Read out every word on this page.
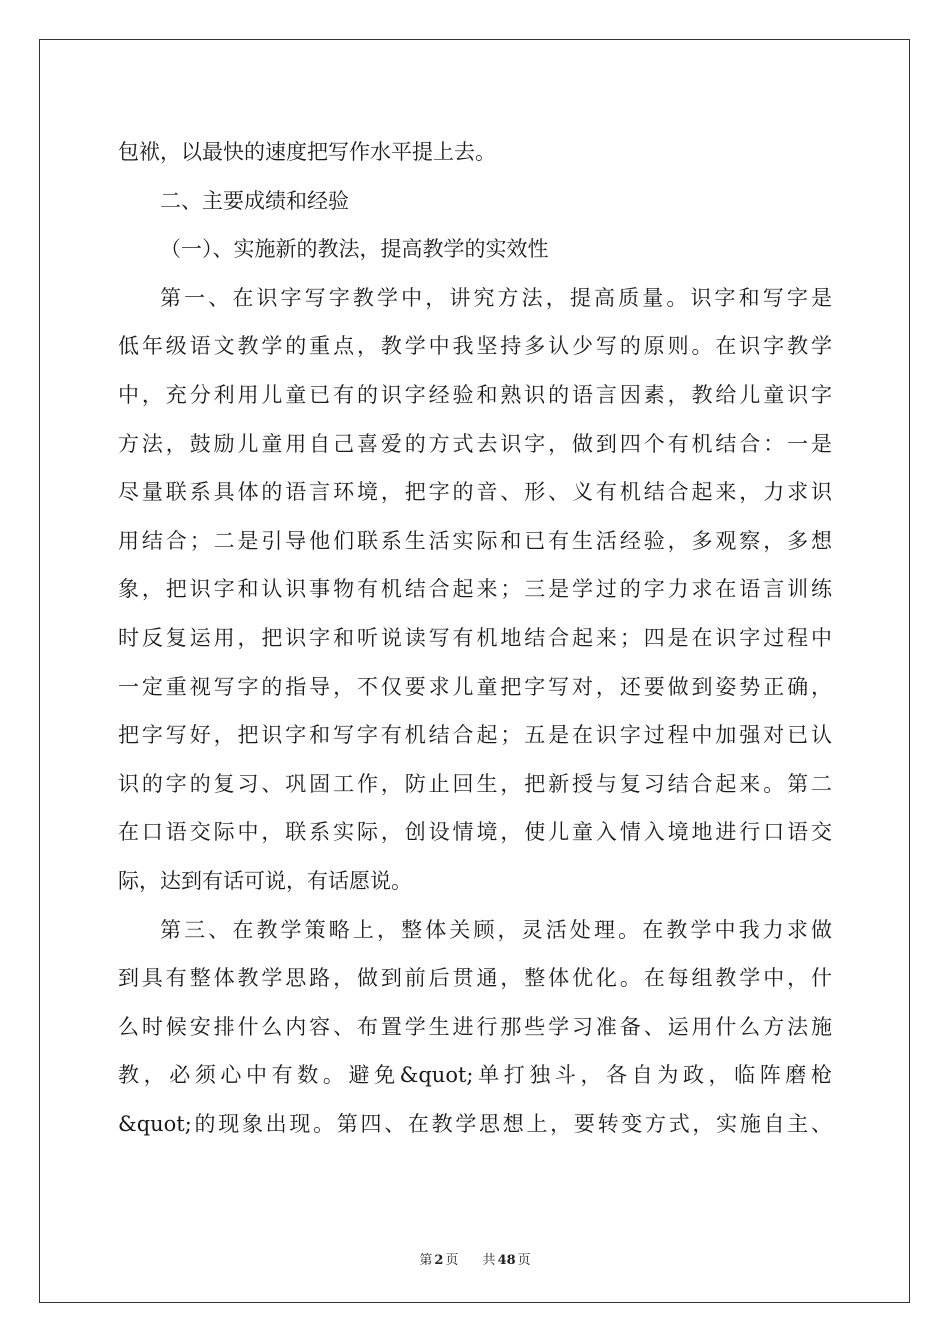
包袱，以最快的速度把写作水平提上去。
二、主要成绩和经验
（一）、实施新的教法，提高教学的实效性
第一、在识字写字教学中，讲究方法，提高质量。识字和写字是
低年级语文教学的重点，教学中我坚持多认少写的原则。在识字教学
中，充分利用儿童已有的识字经验和熟识的语言因素，教给儿童识字
方法，鼓励儿童用自己喜爱的方式去识字，做到四个有机结合：一是
尽量联系具体的语言环境，把字的音、形、义有机结合起来，力求识
用结合；二是引导他们联系生活实际和已有生活经验，多观察，多想
象，把识字和认识事物有机结合起来；三是学过的字力求在语言训练
时反复运用，把识字和听说读写有机地结合起来；四是在识字过程中
一定重视写字的指导，不仅要求儿童把字写对，还要做到姿势正确，
把字写好，把识字和写字有机结合起；五是在识字过程中加强对已认
识的字的复习、巩固工作，防止回生，把新授与复习结合起来。第二
在口语交际中，联系实际，创设情境，使儿童入情入境地进行口语交
际，达到有话可说，有话愿说。
第三、在教学策略上，整体关顾，灵活处理。在教学中我力求做
到具有整体教学思路，做到前后贯通，整体优化。在每组教学中，什
么时候安排什么内容、布置学生进行那些学习准备、运用什么方法施
教，必须心中有数。避免&quot;单打独斗，各自为政，临阵磨枪
&quot;的现象出现。第四、在教学思想上，要转变方式，实施自主、
第 2 页 共 48 页
